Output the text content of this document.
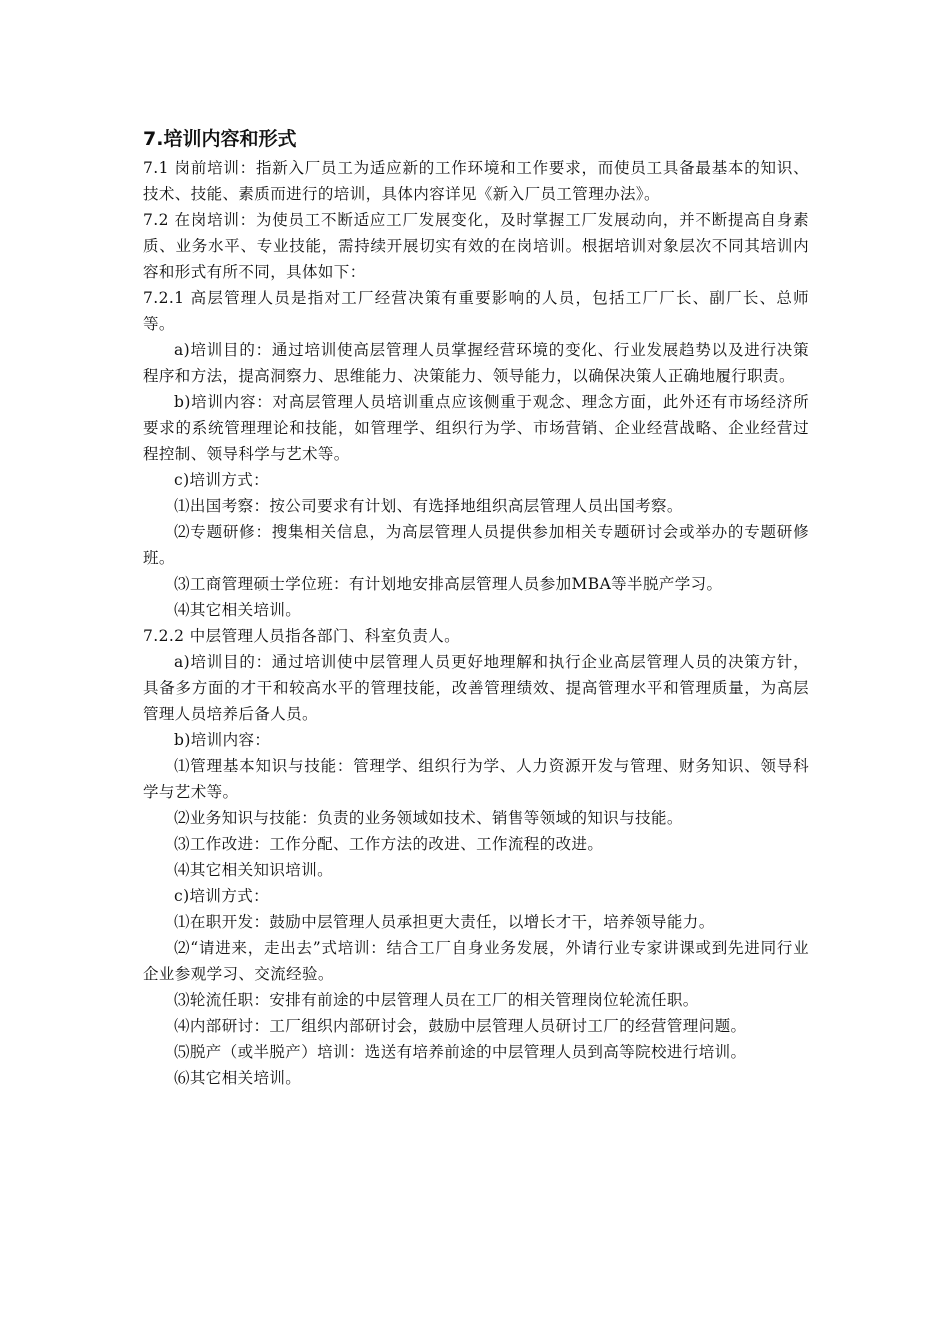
7.培训内容和形式

7.1 岗前培训：指新入厂员工为适应新的工作环境和工作要求，而使员工具备最基本的知识、技术、技能、素质而进行的培训，具体内容详见《新入厂员工管理办法》。

7.2 在岗培训：为使员工不断适应工厂发展变化，及时掌握工厂发展动向，并不断提高自身素质、业务水平、专业技能，需持续开展切实有效的在岗培训。根据培训对象层次不同其培训内容和形式有所不同，具体如下：

7.2.1 高层管理人员是指对工厂经营决策有重要影响的人员，包括工厂厂长、副厂长、总师等。

a)培训目的：通过培训使高层管理人员掌握经营环境的变化、行业发展趋势以及进行决策程序和方法，提高洞察力、思维能力、决策能力、领导能力，以确保决策人正确地履行职责。

b)培训内容：对高层管理人员培训重点应该侧重于观念、理念方面，此外还有市场经济所要求的系统管理理论和技能，如管理学、组织行为学、市场营销、企业经营战略、企业经营过程控制、领导科学与艺术等。

c)培训方式：

⑴出国考察：按公司要求有计划、有选择地组织高层管理人员出国考察。

⑵专题研修：搜集相关信息，为高层管理人员提供参加相关专题研讨会或举办的专题研修班。

⑶工商管理硕士学位班：有计划地安排高层管理人员参加MBA等半脱产学习。

⑷其它相关培训。

7.2.2 中层管理人员指各部门、科室负责人。

a)培训目的：通过培训使中层管理人员更好地理解和执行企业高层管理人员的决策方针，具备多方面的才干和较高水平的管理技能，改善管理绩效、提高管理水平和管理质量，为高层管理人员培养后备人员。

b)培训内容：

⑴管理基本知识与技能：管理学、组织行为学、人力资源开发与管理、财务知识、领导科学与艺术等。

⑵业务知识与技能：负责的业务领域如技术、销售等领域的知识与技能。

⑶工作改进：工作分配、工作方法的改进、工作流程的改进。

⑷其它相关知识培训。

c)培训方式：

⑴在职开发：鼓励中层管理人员承担更大责任，以增长才干，培养领导能力。

⑵“请进来，走出去”式培训：结合工厂自身业务发展，外请行业专家讲课或到先进同行业企业参观学习、交流经验。

⑶轮流任职：安排有前途的中层管理人员在工厂的相关管理岗位轮流任职。

⑷内部研讨：工厂组织内部研讨会，鼓励中层管理人员研讨工厂的经营管理问题。

⑸脱产（或半脱产）培训：选送有培养前途的中层管理人员到高等院校进行培训。

⑹其它相关培训。
